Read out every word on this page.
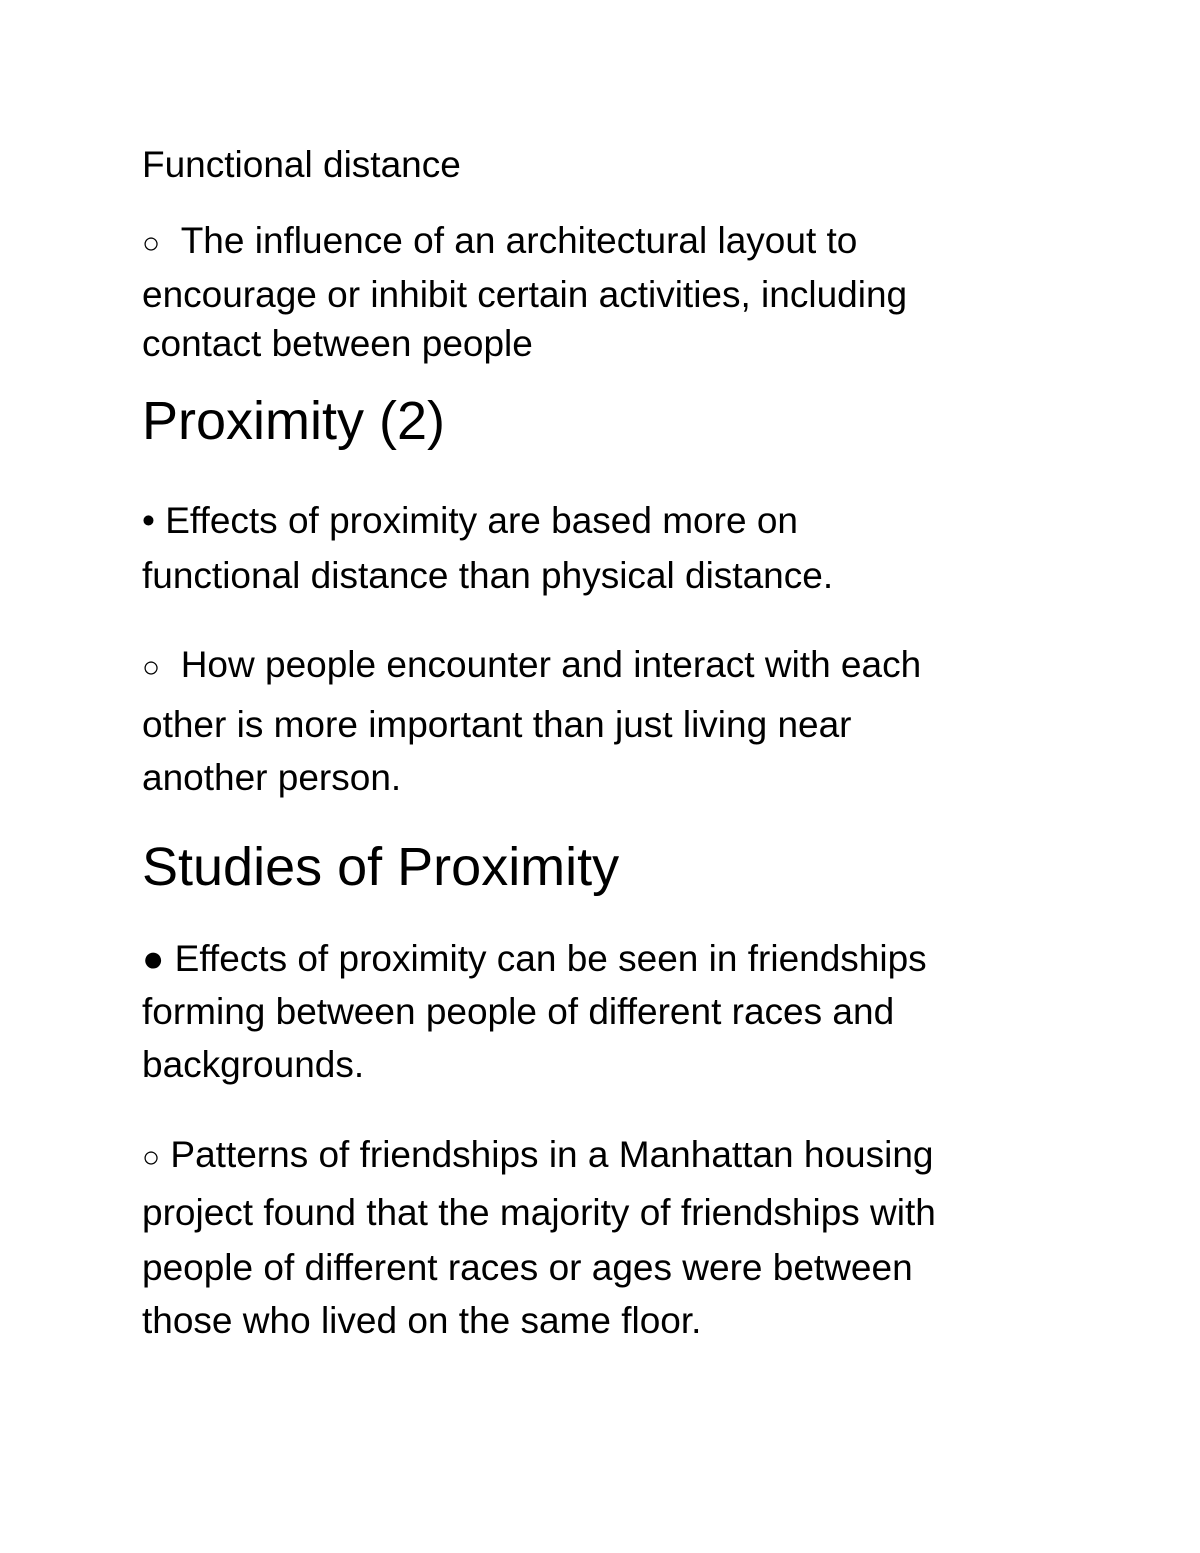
Functional distance

○ The influence of an architectural layout to
encourage or inhibit certain activities, including
contact between people

Proximity (2)

• Effects of proximity are based more on
functional distance than physical distance.

○ How people encounter and interact with each
other is more important than just living near
another person.

Studies of Proximity

● Effects of proximity can be seen in friendships
forming between people of different races and
backgrounds.

○ Patterns of friendships in a Manhattan housing
project found that the majority of friendships with
people of different races or ages were between
those who lived on the same floor.
